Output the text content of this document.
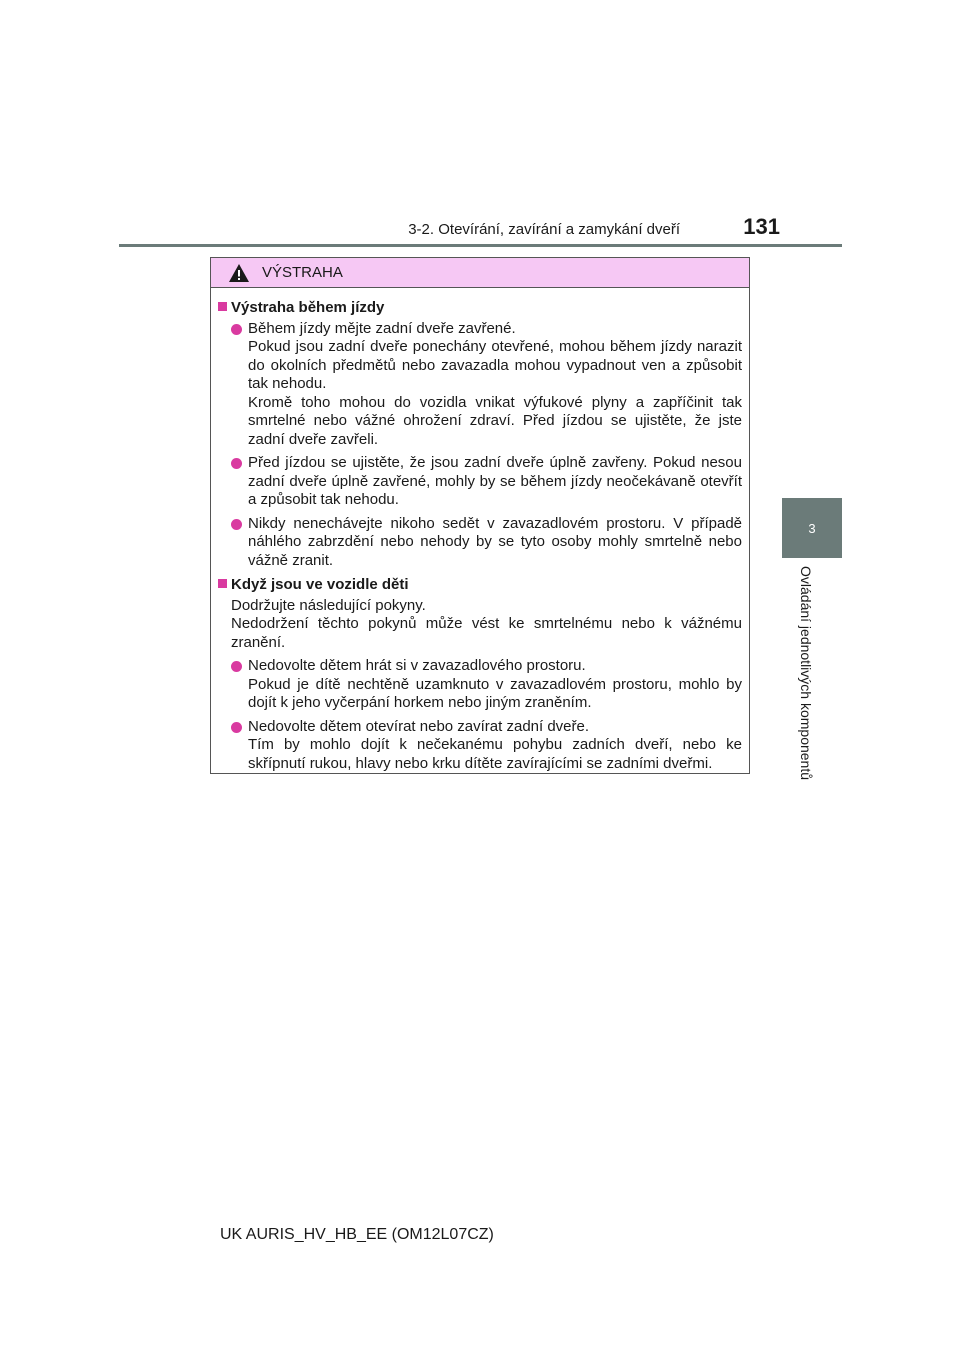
3-2. Otevírání, zavírání a zamykání dveří	131
3
Ovládání jednotlivých komponentů
VÝSTRAHA
Výstraha během jízdy

Během jízdy mějte zadní dveře zavřené.

Pokud jsou zadní dveře ponechány otevřené, mohou během jízdy narazit do okolních předmětů nebo zavazadla mohou vypadnout ven a způsobit tak nehodu.

Kromě toho mohou do vozidla vnikat výfukové plyny a zapříčinit tak smrtelné nebo vážné ohrožení zdraví. Před jízdou se ujistěte, že jste zadní dveře zavřeli.

Před jízdou se ujistěte, že jsou zadní dveře úplně zavřeny. Pokud nesou zadní dveře úplně zavřené, mohly by se během jízdy neočekávaně otevřít a způsobit tak nehodu.

Nikdy nenechávejte nikoho sedět v zavazadlovém prostoru. V případě náhlého zabrzdění nebo nehody by se tyto osoby mohly smrtelně nebo vážně zranit.

Když jsou ve vozidle děti

Dodržujte následující pokyny.

Nedodržení těchto pokynů může vést ke smrtelnému nebo k vážnému zranění.

Nedovolte dětem hrát si v zavazadlového prostoru.

Pokud je dítě nechtěně uzamknuto v zavazadlovém prostoru, mohlo by dojít k jeho vyčerpání horkem nebo jiným zraněním.

Nedovolte dětem otevírat nebo zavírat zadní dveře.

Tím by mohlo dojít k nečekanému pohybu zadních dveří, nebo ke skřípnutí rukou, hlavy nebo krku dítěte zavírajícími se zadními dveřmi.

UK AURIS_HV_HB_EE (OM12L07CZ)
